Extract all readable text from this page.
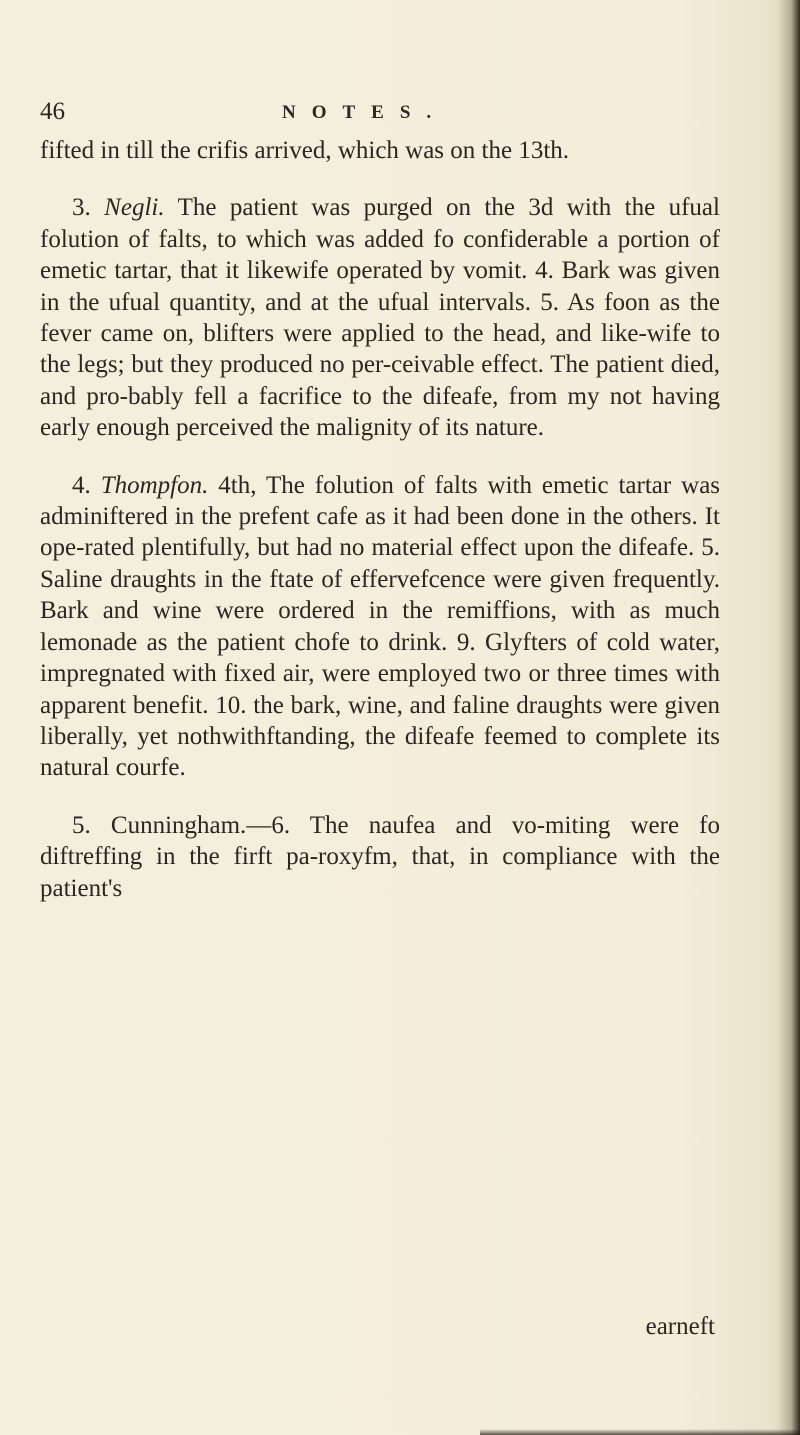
46	NOTES.

fifted in till the crifis arrived, which was on the 13th.

3. Negli. The patient was purged on the 3d with the ufual folution of falts, to which was added fo confiderable a portion of emetic tartar, that it likewife operated by vomit. 4. Bark was given in the ufual quantity, and at the ufual intervals. 5. As foon as the fever came on, blifters were applied to the head, and like-wife to the legs; but they produced no per-ceivable effect. The patient died, and pro-bably fell a facrifice to the difeafe, from my not having early enough perceived the malignity of its nature.

4. Thompfon. 4th, The folution of falts with emetic tartar was adminiftered in the prefent cafe as it had been done in the others. It ope-rated plentifully, but had no material effect upon the difeafe. 5. Saline draughts in the ftate of effervefcence were given frequently. Bark and wine were ordered in the remiffions, with as much lemonade as the patient chofe to drink. 9. Glyfters of cold water, impregnated with fixed air, were employed two or three times with apparent benefit. 10. the bark, wine, and faline draughts were given liberally, yet nothwithftanding, the difeafe feemed to complete its natural courfe.

5. Cunningham.—6. The naufea and vo-miting were fo diftreffing in the firft pa-roxyfm, that, in compliance with the patient's

earneft
